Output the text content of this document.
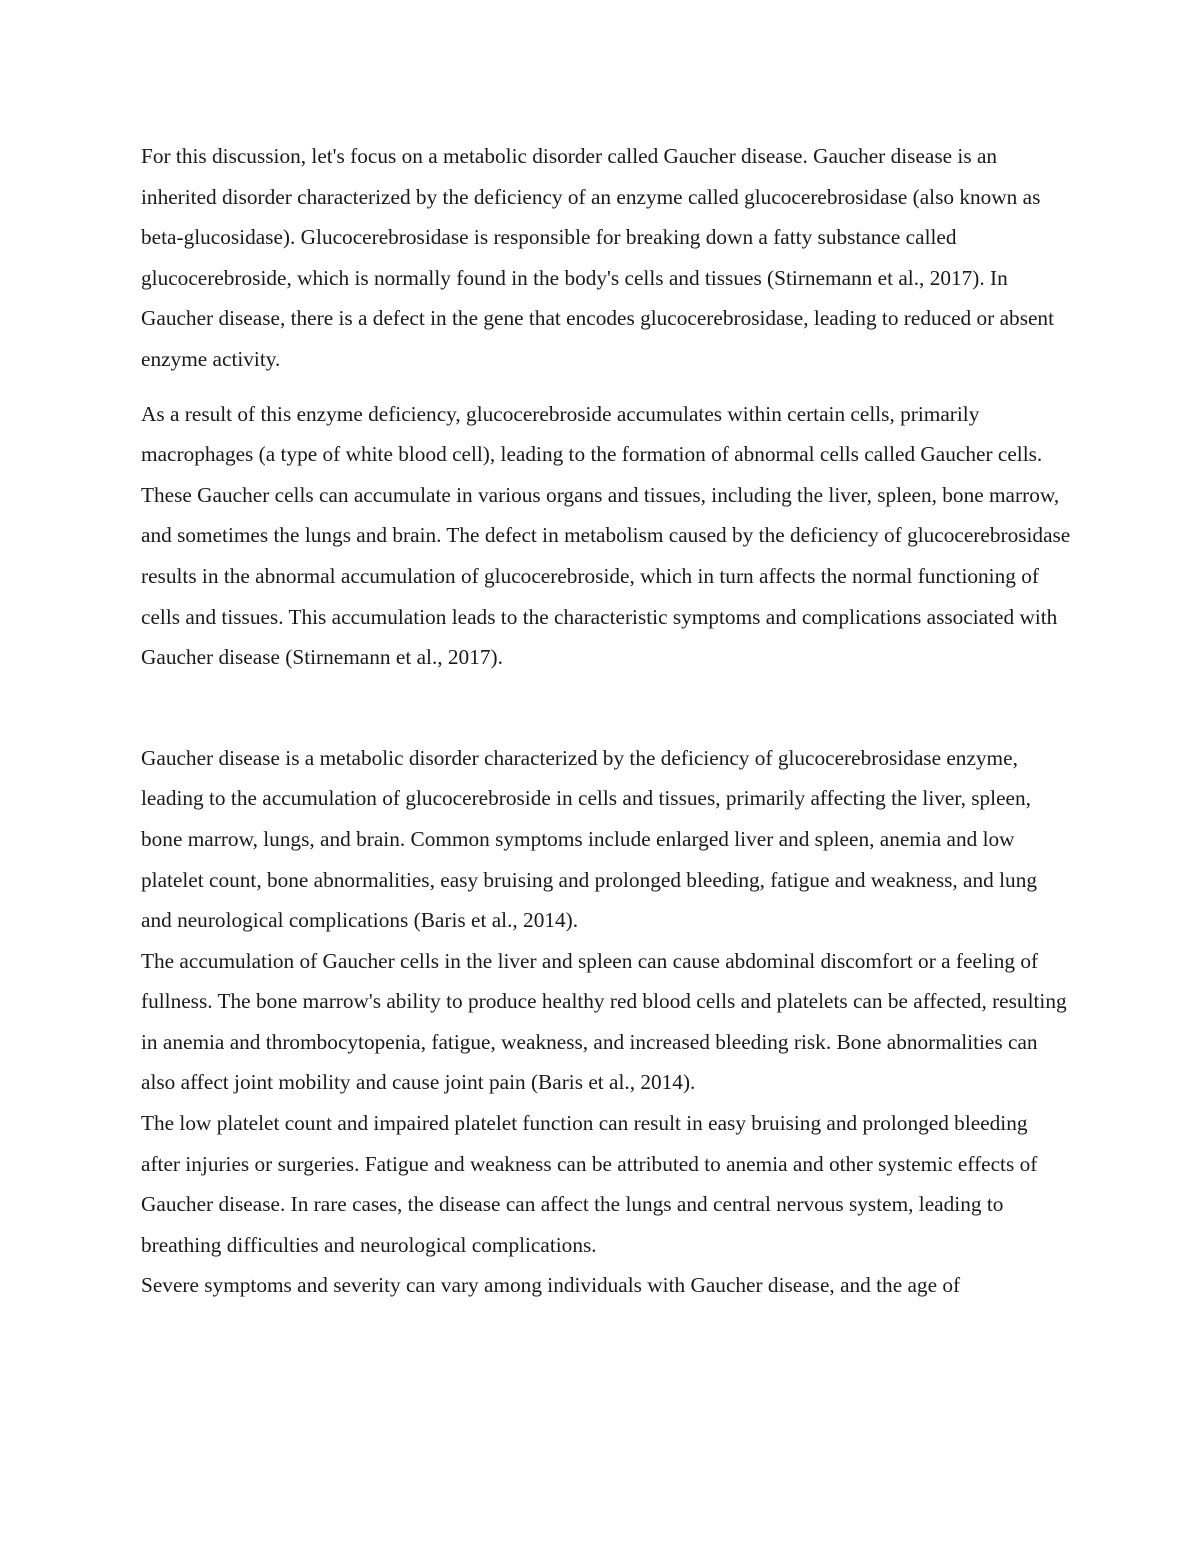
For this discussion, let's focus on a metabolic disorder called Gaucher disease. Gaucher disease is an inherited disorder characterized by the deficiency of an enzyme called glucocerebrosidase (also known as beta-glucosidase). Glucocerebrosidase is responsible for breaking down a fatty substance called glucocerebroside, which is normally found in the body's cells and tissues (Stirnemann et al., 2017). In Gaucher disease, there is a defect in the gene that encodes glucocerebrosidase, leading to reduced or absent enzyme activity.

As a result of this enzyme deficiency, glucocerebroside accumulates within certain cells, primarily macrophages (a type of white blood cell), leading to the formation of abnormal cells called Gaucher cells. These Gaucher cells can accumulate in various organs and tissues, including the liver, spleen, bone marrow, and sometimes the lungs and brain. The defect in metabolism caused by the deficiency of glucocerebrosidase results in the abnormal accumulation of glucocerebroside, which in turn affects the normal functioning of cells and tissues. This accumulation leads to the characteristic symptoms and complications associated with Gaucher disease (Stirnemann et al., 2017).

Gaucher disease is a metabolic disorder characterized by the deficiency of glucocerebrosidase enzyme, leading to the accumulation of glucocerebroside in cells and tissues, primarily affecting the liver, spleen, bone marrow, lungs, and brain. Common symptoms include enlarged liver and spleen, anemia and low platelet count, bone abnormalities, easy bruising and prolonged bleeding, fatigue and weakness, and lung and neurological complications (Baris et al., 2014).

The accumulation of Gaucher cells in the liver and spleen can cause abdominal discomfort or a feeling of fullness. The bone marrow's ability to produce healthy red blood cells and platelets can be affected, resulting in anemia and thrombocytopenia, fatigue, weakness, and increased bleeding risk. Bone abnormalities can also affect joint mobility and cause joint pain (Baris et al., 2014).

The low platelet count and impaired platelet function can result in easy bruising and prolonged bleeding after injuries or surgeries. Fatigue and weakness can be attributed to anemia and other systemic effects of Gaucher disease. In rare cases, the disease can affect the lungs and central nervous system, leading to breathing difficulties and neurological complications.

Severe symptoms and severity can vary among individuals with Gaucher disease, and the age of
